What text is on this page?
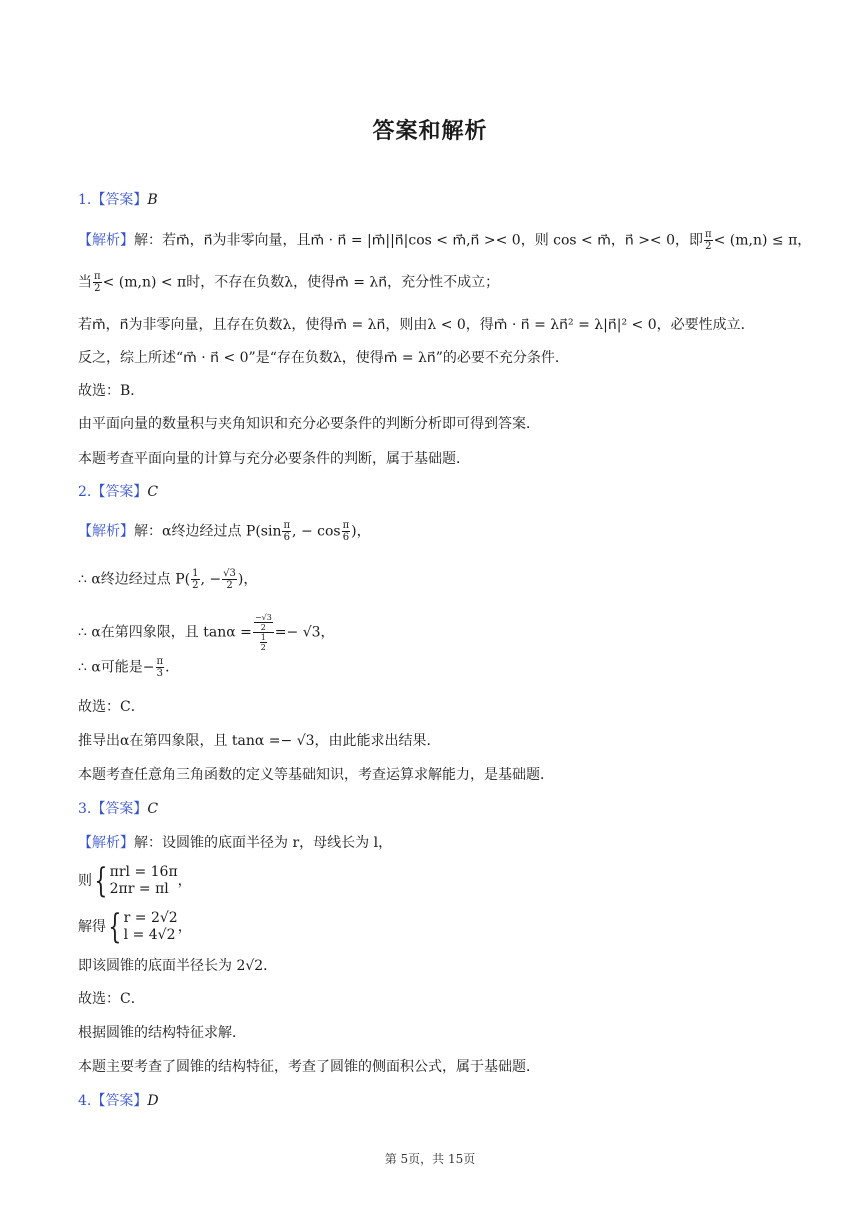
答案和解析
1.【答案】B
【解析】解：若m⃗，n⃗为非零向量，且m⃗ · n⃗ = |m⃗||n⃗|cos < m⃗,n⃗ >< 0，则 cos < m⃗，n⃗ >< 0，即 $\frac{\pi}{2} < (m,n) \le \pi$，
当 $\frac{\pi}{2} < (m,n) < \pi$时，不存在负数λ，使得m⃗ = λn⃗，充分性不成立；
若m⃗，n⃗为非零向量，且存在负数λ，使得m⃗ = λn⃗，则由λ < 0，得m⃗ · n⃗ = λn⃗² = λ|n⃗|² < 0，必要性成立．
反之，综上所述“m⃗ · n⃗ < 0”是“存在负数λ，使得m⃗ = λn⃗”的必要不充分条件．
故选：B．
由平面向量的数量积与夹角知识和充分必要条件的判断分析即可得到答案．
本题考查平面向量的计算与充分必要条件的判断，属于基础题．
2.【答案】C
【解析】解：α终边经过点 $P(\sin \frac{\pi}{6}$ , − $\cos \frac{\pi}{6}$ )，
∴ α终边经过点 $P( \frac{1}{2}$ , − $\frac{√3}{2}$ )，
∴ α在第四象限，且 $\tan\alpha = \frac{\frac{-√3}{2}}{\frac{1}{2}} =- √3$，
∴ α可能是− $\frac{\pi}{3}$ ．
故选：C．
推导出α在第四象限，且 tanα =− √3，由此能求出结果．
本题考查任意角三角函数的定义等基础知识，考查运算求解能力，是基础题．
3.【答案】C
【解析】解：设圆锥的底面半径为 r，母线长为 l，
则{ πrl = 16π
2πr = πl ，
解得{ r = 2√2
l = 4√2 ，
即该圆锥的底面半径长为 2√2．
故选：C．
根据圆锥的结构特征求解．
本题主要考查了圆锥的结构特征，考查了圆锥的侧面积公式，属于基础题．
4.【答案】D
第 5页，共 15页
